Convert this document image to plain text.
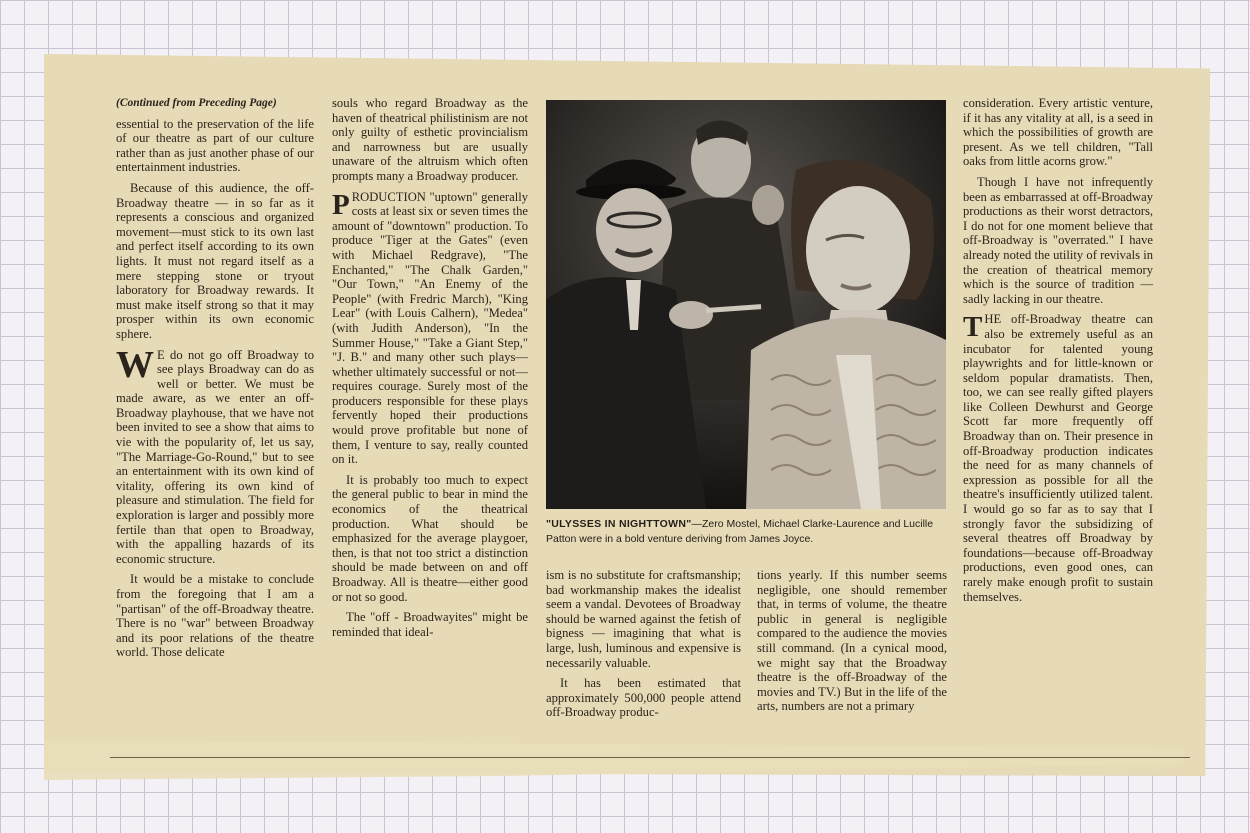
(Continued from Preceding Page)

essential to the preservation of the life of our theatre as part of our culture rather than as just another phase of our entertainment industries.

Because of this audience, the off-Broadway theatre — in so far as it represents a conscious and organized movement—must stick to its own last and perfect itself according to its own lights. It must not regard itself as a mere stepping stone or tryout laboratory for Broadway rewards. It must make itself strong so that it may prosper within its own economic sphere.

W E do not go off Broadway to see plays Broadway can do as well or better. We must be made aware, as we enter an off-Broadway playhouse, that we have not been invited to see a show that aims to vie with the popularity of, let us say, "The Marriage-Go-Round," but to see an entertainment with its own kind of vitality, offering its own kind of pleasure and stimulation. The field for exploration is larger and possibly more fertile than that open to Broadway, with the appalling hazards of its economic structure.

It would be a mistake to conclude from the foregoing that I am a "partisan" of the off-Broadway theatre. There is no "war" between Broadway and its poor relations of the theatre world. Those delicate

souls who regard Broadway as the haven of theatrical philistinism are not only guilty of esthetic provincialism and narrowness but are usually unaware of the altruism which often prompts many a Broadway producer.

PRODUCTION "uptown" generally costs at least six or seven times the amount of "downtown" production. To produce "Tiger at the Gates" (even with Michael Redgrave), "The Enchanted," "The Chalk Garden," "Our Town," "An Enemy of the People" (with Fredric March), "King Lear" (with Louis Calhern), "Medea" (with Judith Anderson), "In the Summer House," "Take a Giant Step," "J. B." and many other such plays—whether ultimately successful or not—requires courage. Surely most of the producers responsible for these plays fervently hoped their productions would prove profitable but none of them, I venture to say, really counted on it.

It is probably too much to expect the general public to bear in mind the economics of the theatrical production. What should be emphasized for the average playgoer, then, is that not too strict a distinction should be made between on and off Broadway. All is theatre—either good or not so good.

The "off - Broadwayites" might be reminded that ideal-

"ULYSSES IN NIGHTTOWN"—Zero Mostel, Michael Clarke-Laurence and Lucille Patton were in a bold venture deriving from James Joyce.

ism is no substitute for craftsmanship; bad workmanship makes the idealist seem a vandal. Devotees of Broadway should be warned against the fetish of bigness — imagining that what is large, lush, luminous and expensive is necessarily valuable.

It has been estimated that approximately 500,000 people attend off-Broadway produc-

tions yearly. If this number seems negligible, one should remember that, in terms of volume, the theatre public in general is negligible compared to the audience the movies still command. (In a cynical mood, we might say that the Broadway theatre is the off-Broadway of the movies and TV.) But in the life of the arts, numbers are not a primary

consideration. Every artistic venture, if it has any vitality at all, is a seed in which the possibilities of growth are present. As we tell children, "Tall oaks from little acorns grow."

Though I have not infrequently been as embarrassed at off-Broadway productions as their worst detractors, I do not for one moment believe that off-Broadway is "overrated." I have already noted the utility of revivals in the creation of theatrical memory which is the source of tradition — sadly lacking in our theatre.

THE off-Broadway theatre can also be extremely useful as an incubator for talented young playwrights and for little-known or seldom popular dramatists. Then, too, we can see really gifted players like Colleen Dewhurst and George Scott far more frequently off Broadway than on. Their presence in off-Broadway production indicates the need for as many channels of expression as possible for all the theatre's insufficiently utilized talent. I would go so far as to say that I strongly favor the subsidizing of several theatres off Broadway by foundations—because off-Broadway productions, even good ones, can rarely make enough profit to sustain themselves.
